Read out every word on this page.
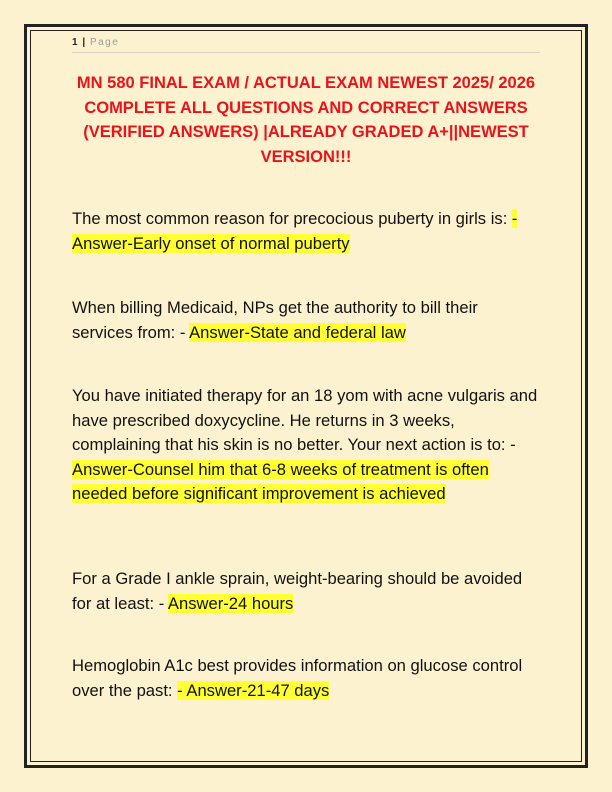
1 | Page
MN 580 FINAL EXAM / ACTUAL EXAM NEWEST 2025/ 2026 COMPLETE ALL QUESTIONS AND CORRECT ANSWERS (VERIFIED ANSWERS) |ALREADY GRADED A+||NEWEST VERSION!!!
The most common reason for precocious puberty in girls is: - Answer-Early onset of normal puberty
When billing Medicaid, NPs get the authority to bill their services from: - Answer-State and federal law
You have initiated therapy for an 18 yom with acne vulgaris and have prescribed doxycycline. He returns in 3 weeks, complaining that his skin is no better. Your next action is to: - Answer-Counsel him that 6-8 weeks of treatment is often needed before significant improvement is achieved
For a Grade I ankle sprain, weight-bearing should be avoided for at least: - Answer-24 hours
Hemoglobin A1c best provides information on glucose control over the past: - Answer-21-47 days
